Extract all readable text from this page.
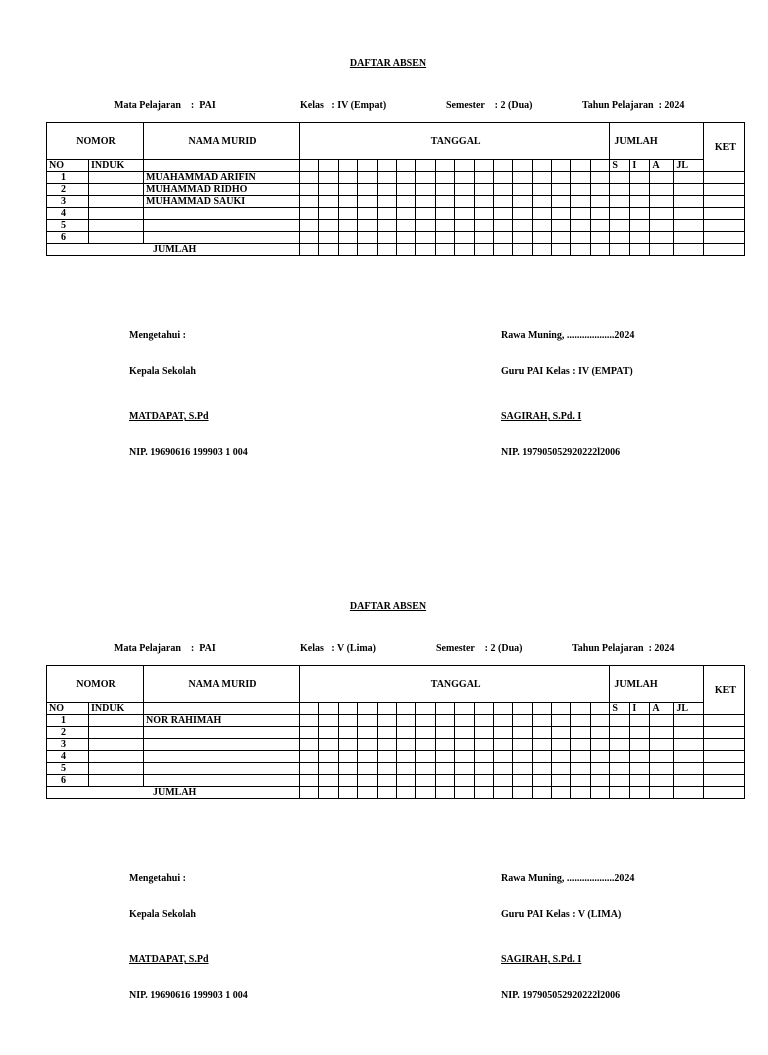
DAFTAR ABSEN
Mata Pelajaran    :  PAI	Kelas   : IV (Empat)	Semester    : 2 (Dua)	Tahun Pelajaran  : 2024
NOMOR		NAMA MURID	TANGGAL																JUMLAH				KET
NO	INDUK																		S	I	A	JL	
1		MUAHAMMAD ARIFIN																					
2		MUHAMMAD RIDHO																					
3		MUHAMMAD SAUKI																					
4																							
5																							
6																							
JUMLAH																							

Mengetahui :

Kepala Sekolah

MATDAPAT, S.Pd

NIP. 19690616 199903 1 004

Rawa Muning, ...................2024

Guru PAI Kelas : IV (EMPAT)

SAGIRAH, S.Pd. I

NIP. 197905052920222l2006

DAFTAR ABSEN
Mata Pelajaran    :  PAI	Kelas   : V (Lima)	Semester    : 2 (Dua)	Tahun Pelajaran  : 2024
NOMOR		NAMA MURID	TANGGAL																JUMLAH				KET
NO	INDUK																		S	I	A	JL	
1		NOR RAHIMAH																					
2																							
3																							
4																							
5																							
6																							
JUMLAH																							

Mengetahui :

Kepala Sekolah

MATDAPAT, S.Pd

NIP. 19690616 199903 1 004

Rawa Muning, ...................2024

Guru PAI Kelas : V (LIMA)

SAGIRAH, S.Pd. I

NIP. 197905052920222l2006
